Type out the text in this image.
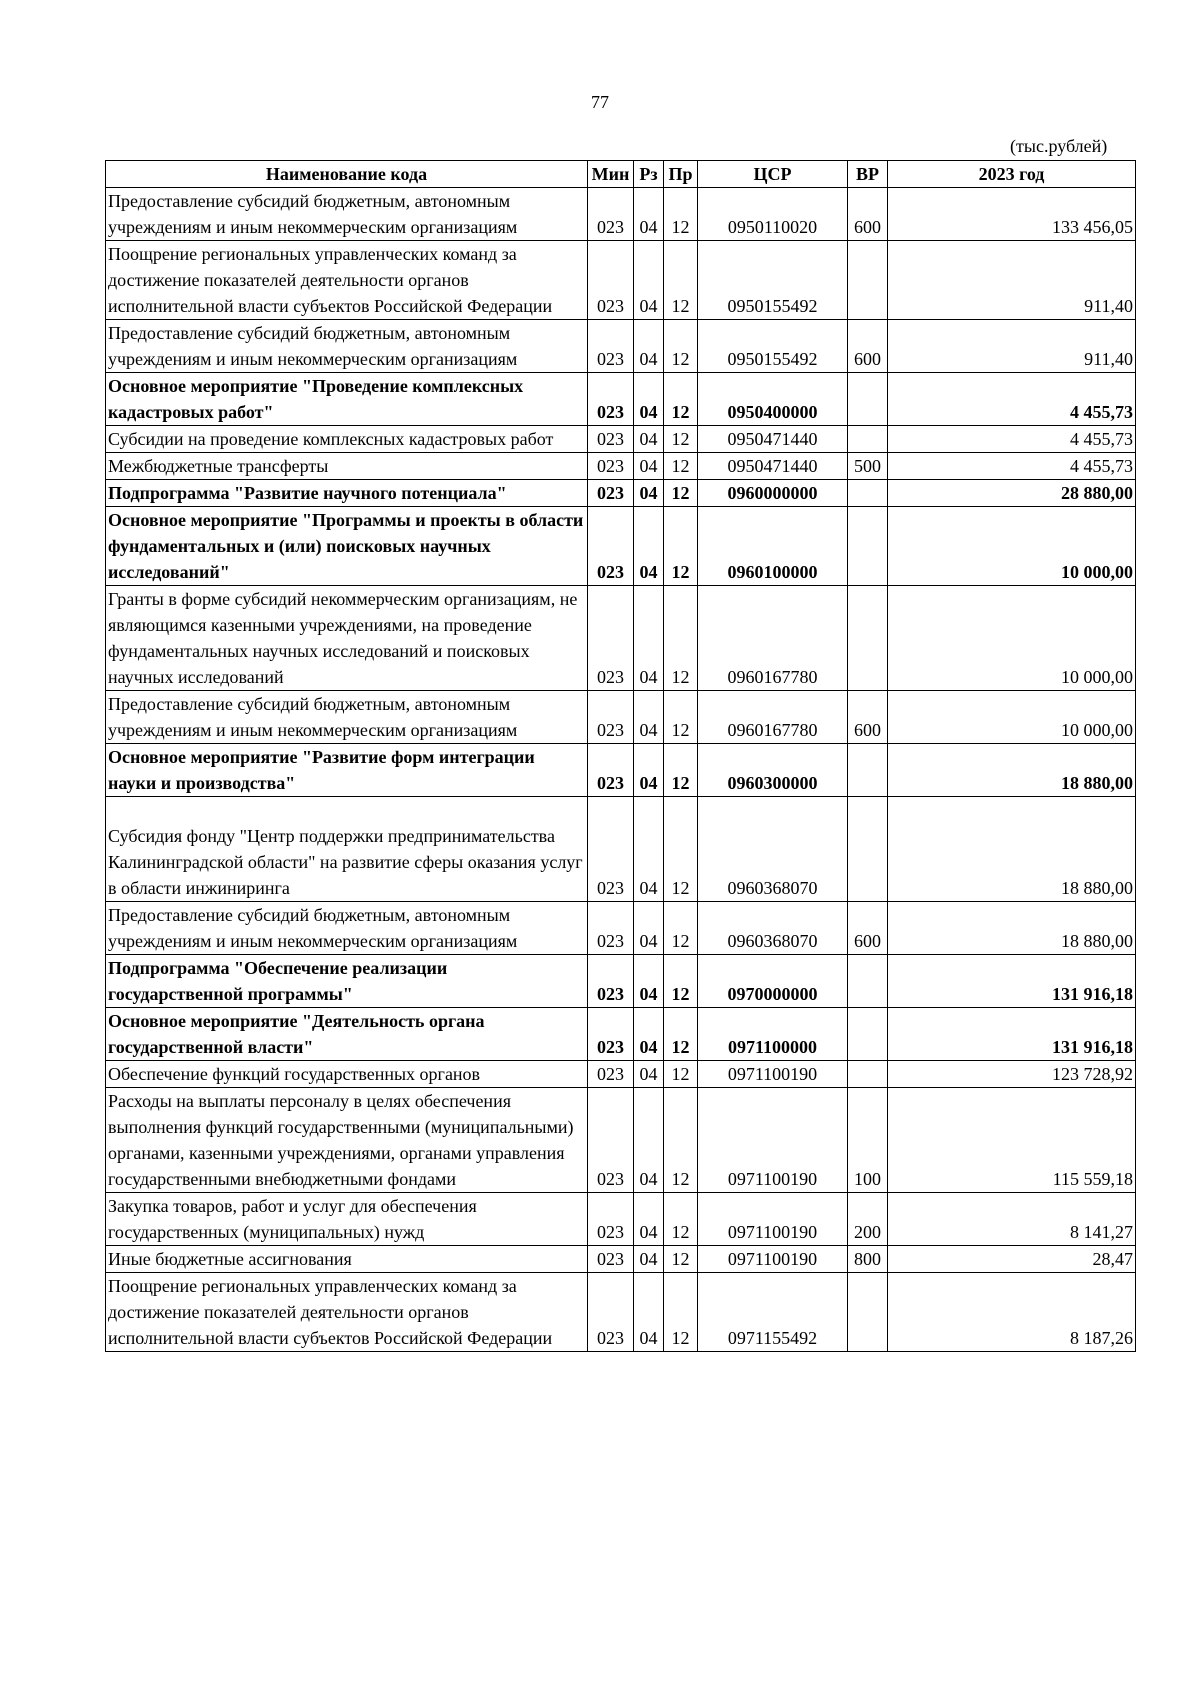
77
(тыс.рублей)
Наименование кода	Мин	Рз	Пр	ЦСР	ВР	2023 год
Предоставление субсидий бюджетным, автономным учреждениям и иным некоммерческим организациям	023	04	12	0950110020	600	133 456,05
Поощрение региональных управленческих команд за достижение показателей деятельности органов исполнительной власти субъектов Российской Федерации	023	04	12	0950155492		911,40
Предоставление субсидий бюджетным, автономным учреждениям и иным некоммерческим организациям	023	04	12	0950155492	600	911,40
Основное мероприятие "Проведение комплексных кадастровых работ"	023	04	12	0950400000		4 455,73
Субсидии на проведение комплексных кадастровых работ	023	04	12	0950471440		4 455,73
Межбюджетные трансферты	023	04	12	0950471440	500	4 455,73
Подпрограмма "Развитие научного потенциала"	023	04	12	0960000000		28 880,00
Основное мероприятие "Программы и проекты в области фундаментальных и (или) поисковых научных исследований"	023	04	12	0960100000		10 000,00
Гранты в форме субсидий некоммерческим организациям, не являющимся казенными учреждениями, на проведение фундаментальных научных исследований и поисковых научных исследований	023	04	12	0960167780		10 000,00
Предоставление субсидий бюджетным, автономным учреждениям и иным некоммерческим организациям	023	04	12	0960167780	600	10 000,00
Основное мероприятие "Развитие форм интеграции науки и производства"	023	04	12	0960300000		18 880,00
Субсидия фонду "Центр поддержки предпринимательства Калининградской области" на развитие сферы оказания услуг в области инжиниринга	023	04	12	0960368070		18 880,00
Предоставление субсидий бюджетным, автономным учреждениям и иным некоммерческим организациям	023	04	12	0960368070	600	18 880,00
Подпрограмма "Обеспечение реализации государственной программы"	023	04	12	0970000000		131 916,18
Основное мероприятие "Деятельность органа государственной власти"	023	04	12	0971100000		131 916,18
Обеспечение функций государственных органов	023	04	12	0971100190		123 728,92
Расходы на выплаты персоналу в целях обеспечения выполнения функций государственными (муниципальными) органами, казенными учреждениями, органами управления государственными внебюджетными фондами	023	04	12	0971100190	100	115 559,18
Закупка товаров, работ и услуг для обеспечения государственных (муниципальных) нужд	023	04	12	0971100190	200	8 141,27
Иные бюджетные ассигнования	023	04	12	0971100190	800	28,47
Поощрение региональных управленческих команд за достижение показателей деятельности органов исполнительной власти субъектов Российской Федерации	023	04	12	0971155492		8 187,26
